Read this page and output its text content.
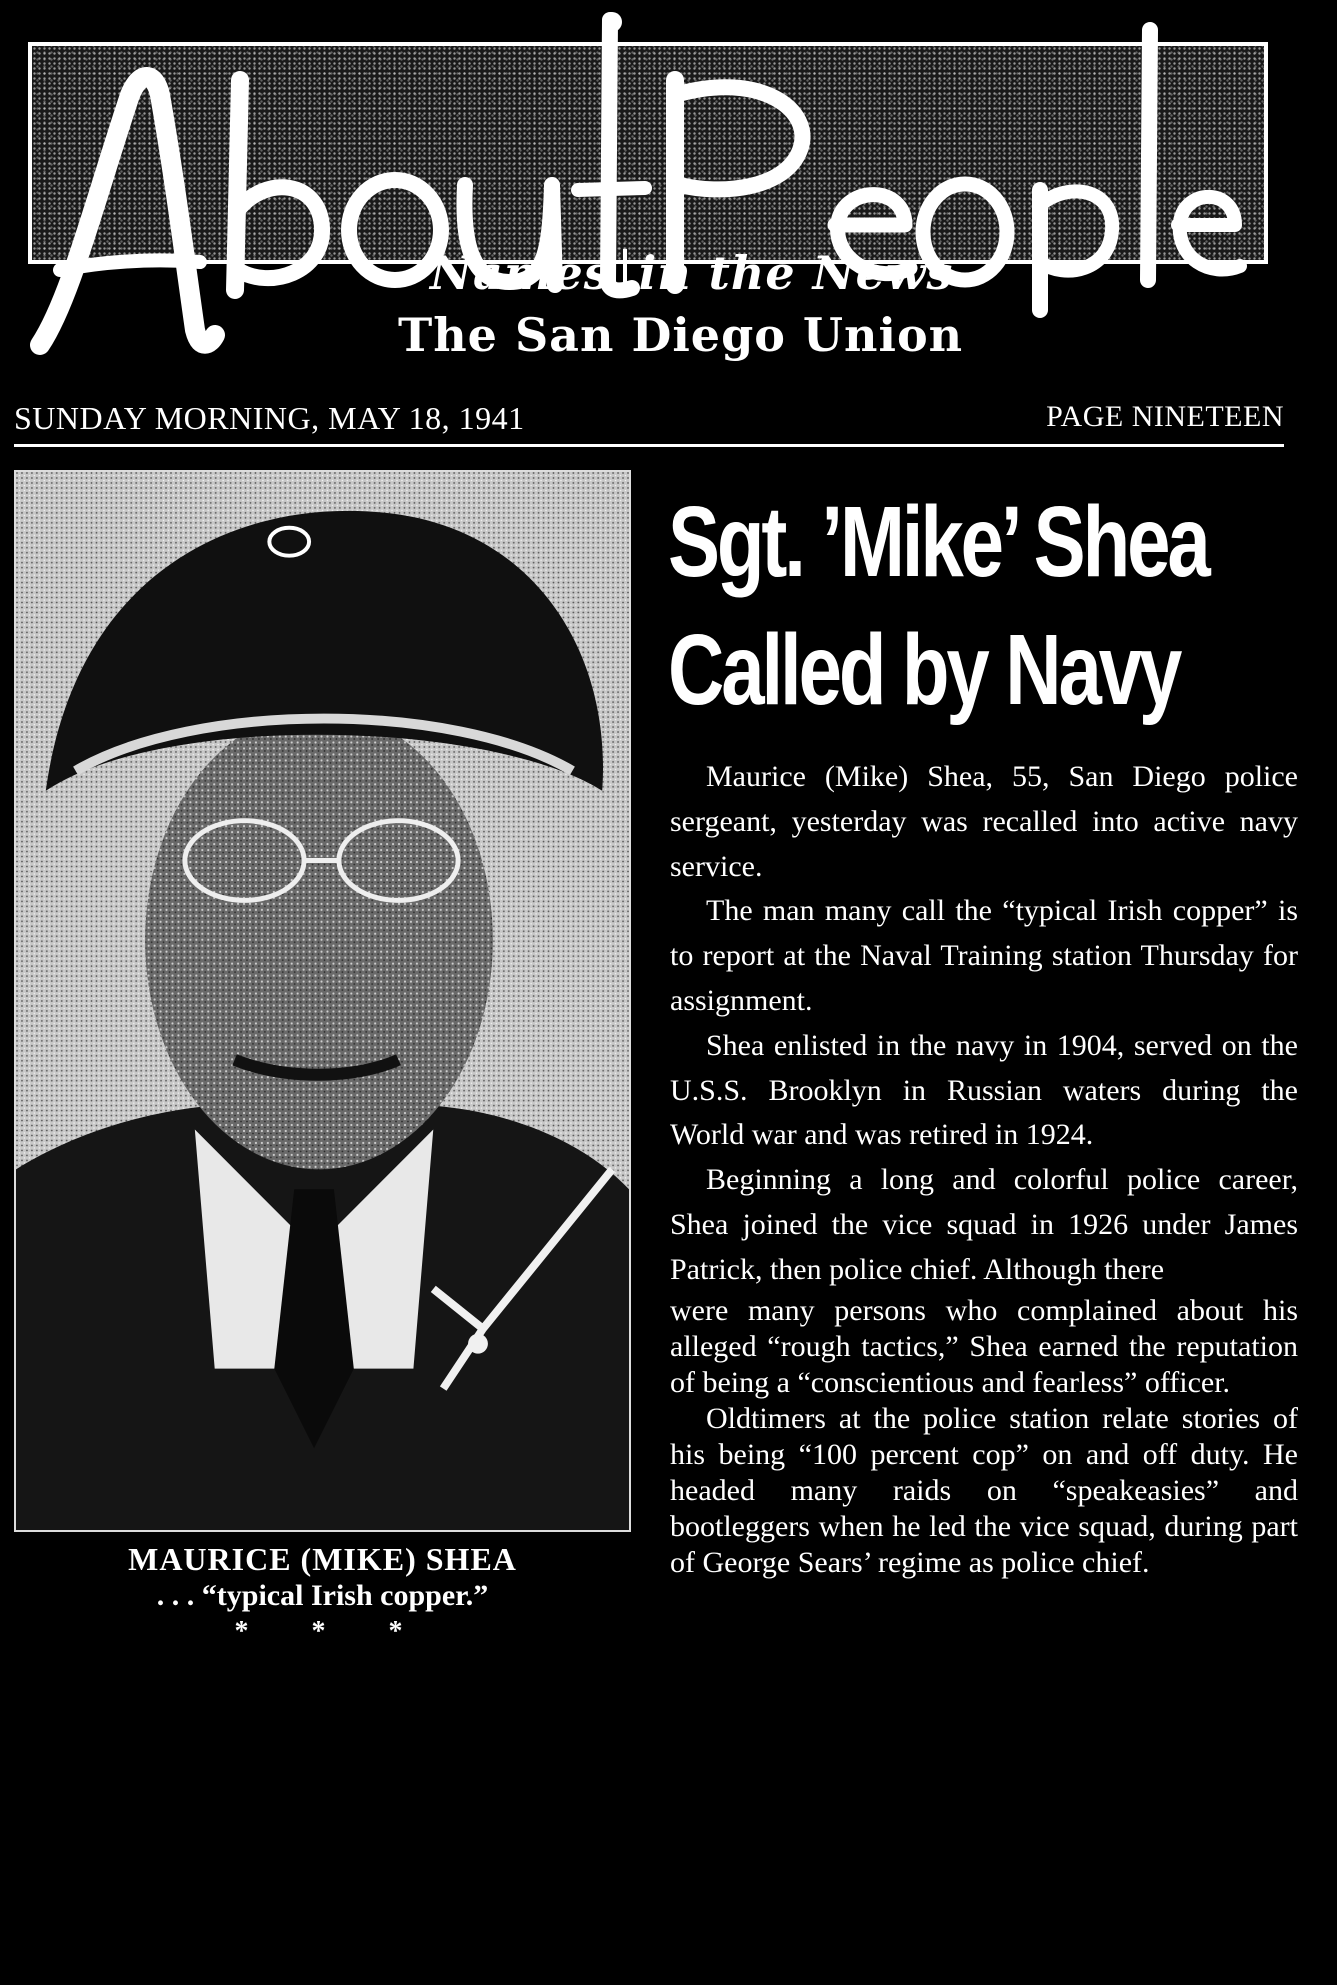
Names in the News
The San Diego Union
SUNDAY MORNING, MAY 18, 1941	PAGE NINETEEN
MAURICE (MIKE) SHEA
. . . “typical Irish copper.”
* * *
Sgt. ’Mike’ Shea
Called by Navy

Maurice (Mike) Shea, 55, San Diego police sergeant, yesterday was recalled into active navy service.

The man many call the “typical Irish copper” is to report at the Naval Training station Thursday for assignment.

Shea enlisted in the navy in 1904, served on the U.S.S. Brooklyn in Russian waters during the World war and was retired in 1924.

Beginning a long and colorful police career, Shea joined the vice squad in 1926 under James Patrick, then police chief. Although there

were many persons who complained about his alleged “rough tactics,” Shea earned the reputation of being a “conscientious and fearless” officer.

Oldtimers at the police station relate stories of his being “100 percent cop” on and off duty. He headed many raids on “speakeasies” and bootleggers when he led the vice squad, during part of George Sears’ regime as police chief.
